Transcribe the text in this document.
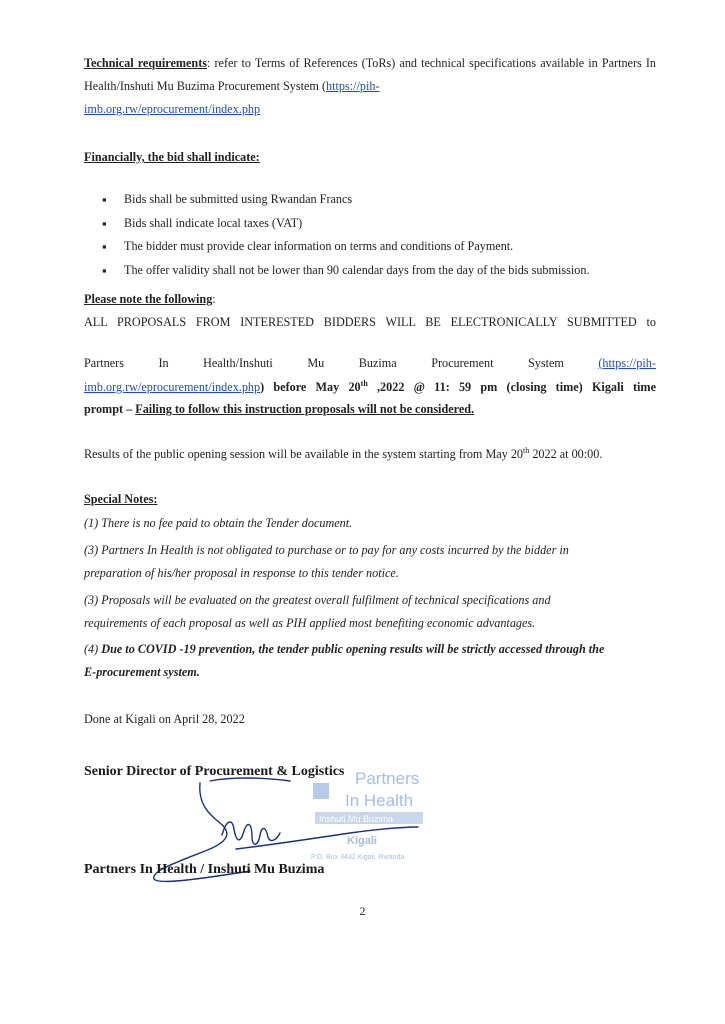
Technical requirements: refer to Terms of References (ToRs) and technical specifications available in Partners In Health/Inshuti Mu Buzima Procurement System (https://pih-
imb.org.rw/eprocurement/index.php
Financially, the bid shall indicate:
▪ Bids shall be submitted using Rwandan Francs
▪ Bids shall indicate local taxes (VAT)
▪ The bidder must provide clear information on terms and conditions of Payment.
▪ The offer validity shall not be lower than 90 calendar days from the day of the bids submission.
Please note the following:
ALL PROPOSALS FROM INTERESTED BIDDERS WILL BE ELECTRONICALLY SUBMITTED to
Partners	In	Health/Inshuti	Mu	Buzima	Procurement	System	(https://pih-
imb.org.rw/eprocurement/index.php) before May 20th ,2022 @ 11: 59 pm (closing time) Kigali time
prompt – Failing to follow this instruction proposals will not be considered.
Results of the public opening session will be available in the system starting from May 20th 2022 at 00:00.
Special Notes:
(1) There is no fee paid to obtain the Tender document.
(3) Partners In Health is not obligated to purchase or to pay for any costs incurred by the bidder in
preparation of his/her proposal in response to this tender notice.
(3) Proposals will be evaluated on the greatest overall fulfilment of technical specifications and
requirements of each proposal as well as PIH applied most benefiting economic advantages.
(4) Due to COVID -19 prevention, the tender public opening results will be strictly accessed through the
E-procurement system.
Done at Kigali on April 28, 2022
Senior Director of Procurement & Logistics Partners
In Health
Inshuti Mu Buzima
Kigali
P.O. Box 3432 Kigali, Rwanda
Partners In Health / Inshuti Mu Buzima
2
